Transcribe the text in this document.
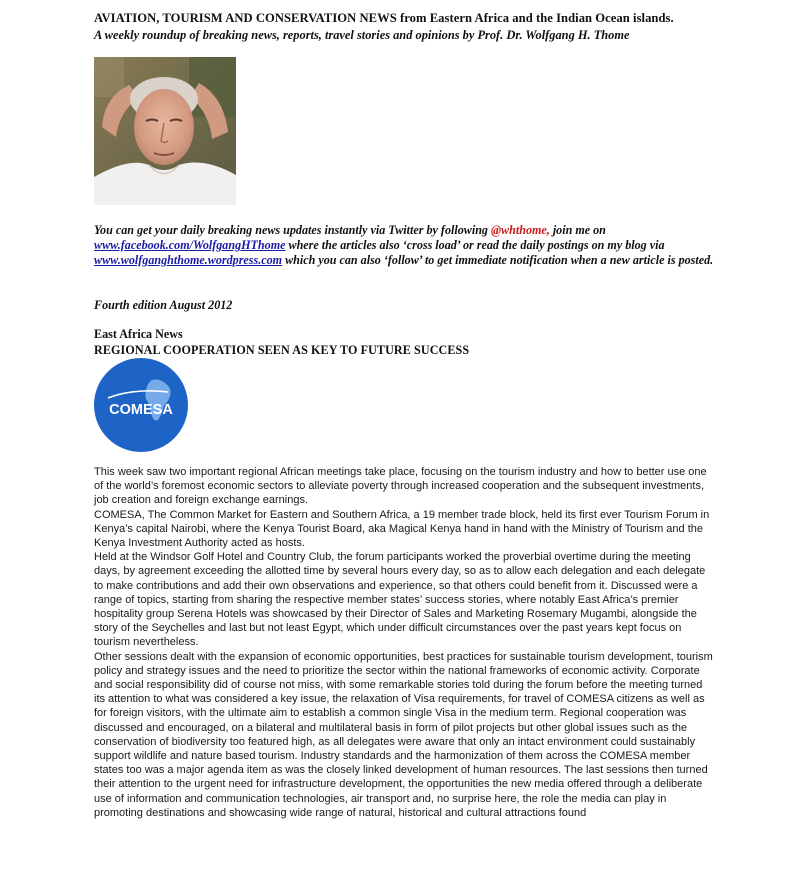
AVIATION, TOURISM AND CONSERVATION NEWS from Eastern Africa and the Indian Ocean islands.
A weekly roundup of breaking news, reports, travel stories and opinions by Prof. Dr. Wolfgang H. Thome
You can get your daily breaking news updates instantly via Twitter by following @whthome, join me on www.facebook.com/WolfgangHThome where the articles also ‘cross load’ or read the daily postings on my blog via www.wolfganghthome.wordpress.com which you can also ‘follow’ to get immediate notification when a new article is posted.
Fourth edition August 2012
East Africa News
REGIONAL COOPERATION SEEN AS KEY TO FUTURE SUCCESS
COMESA

This week saw two important regional African meetings take place, focusing on the tourism industry and how to better use one of the world’s foremost economic sectors to alleviate poverty through increased cooperation and the subsequent investments, job creation and foreign exchange earnings.

COMESA, The Common Market for Eastern and Southern Africa, a 19 member trade block, held its first ever Tourism Forum in Kenya’s capital Nairobi, where the Kenya Tourist Board, aka Magical Kenya hand in hand with the Ministry of Tourism and the Kenya Investment Authority acted as hosts.

Held at the Windsor Golf Hotel and Country Club, the forum participants worked the proverbial overtime during the meeting days, by agreement exceeding the allotted time by several hours every day, so as to allow each delegation and each delegate to make contributions and add their own observations and experience, so that others could benefit from it. Discussed were a range of topics, starting from sharing the respective member states’ success stories, where notably East Africa’s premier hospitality group Serena Hotels was showcased by their Director of Sales and Marketing Rosemary Mugambi, alongside the story of the Seychelles and last but not least Egypt, which under difficult circumstances over the past years kept focus on tourism nevertheless.

Other sessions dealt with the expansion of economic opportunities, best practices for sustainable tourism development, tourism policy and strategy issues and the need to prioritize the sector within the national frameworks of economic activity. Corporate and social responsibility did of course not miss, with some remarkable stories told during the forum before the meeting turned its attention to what was considered a key issue, the relaxation of Visa requirements, for travel of COMESA citizens as well as for foreign visitors, with the ultimate aim to establish a common single Visa in the medium term. Regional cooperation was discussed and encouraged, on a bilateral and multilateral basis in form of pilot projects but other global issues such as the conservation of biodiversity too featured high, as all delegates were aware that only an intact environment could sustainably support wildlife and nature based tourism. Industry standards and the harmonization of them across the COMESA member states too was a major agenda item as was the closely linked development of human resources. The last sessions then turned their attention to the urgent need for infrastructure development, the opportunities the new media offered through a deliberate use of information and communication technologies, air transport and, no surprise here, the role the media can play in promoting destinations and showcasing wide range of natural, historical and cultural attractions found
